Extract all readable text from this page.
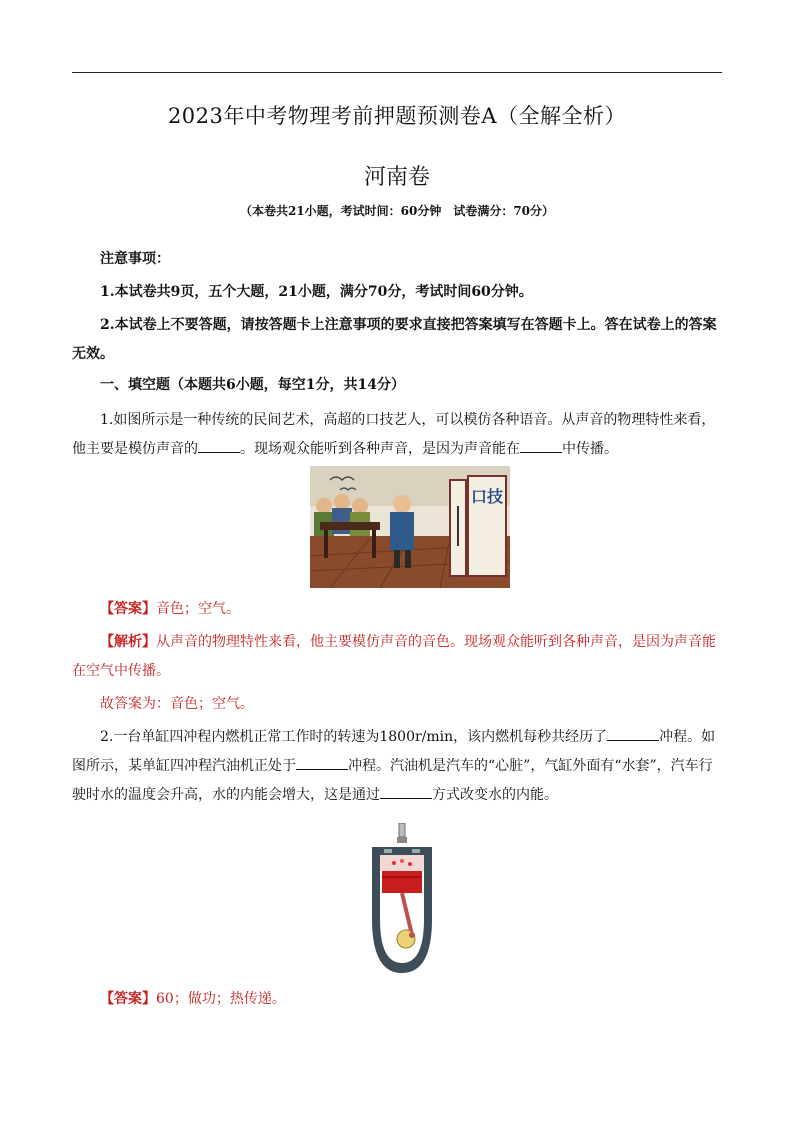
2023年中考物理考前押题预测卷A（全解全析）
河南卷
（本卷共21小题，考试时间：60分钟　试卷满分：70分）
注意事项：
1.本试卷共9页，五个大题，21小题，满分70分，考试时间60分钟。
2.本试卷上不要答题，请按答题卡上注意事项的要求直接把答案填写在答题卡上。答在试卷上的答案无效。
一、填空题（本题共6小题，每空1分，共14分）
1.如图所示是一种传统的民间艺术，高超的口技艺人，可以模仿各种语音。从声音的物理特性来看，他主要是模仿声音的	。现场观众能听到各种声音，是因为声音能在	中传播。
口技
【答案】音色；空气。
【解析】从声音的物理特性来看，他主要模仿声音的音色。现场观众能听到各种声音，是因为声音能在空气中传播。
故答案为：音色；空气。
2.一台单缸四冲程内燃机正常工作时的转速为1800r/min，该内燃机每秒共经历了	冲程。如图所示，某单缸四冲程汽油机正处于	冲程。汽油机是汽车的“心脏”，气缸外面有“水套”，汽车行驶时水的温度会升高，水的内能会增大，这是通过	方式改变水的内能。
【答案】60；做功；热传递。
